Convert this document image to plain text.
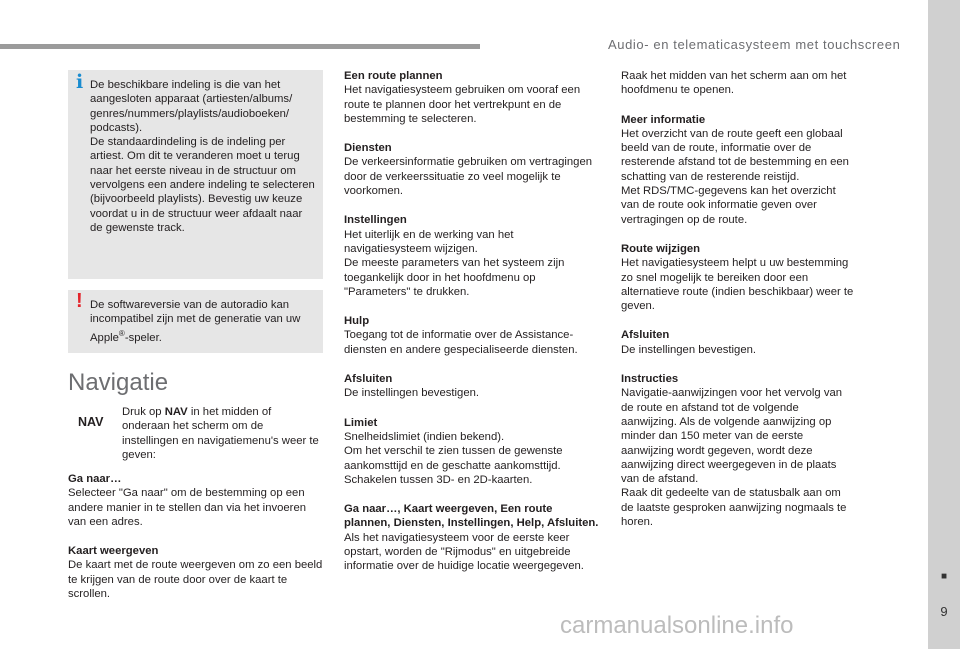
Audio- en telematicasysteem met touchscreen
■
9
carmanualsonline.info
i De beschikbare indeling is die van het aangesloten apparaat (artiesten/albums/ genres/nummers/playlists/audioboeken/ podcasts).
De standaardindeling is de indeling per artiest. Om dit te veranderen moet u terug naar het eerste niveau in de structuur om vervolgens een andere indeling te selecteren (bijvoorbeeld playlists). Bevestig uw keuze voordat u in de structuur weer afdaalt naar de gewenste track.
! De softwareversie van de autoradio kan incompatibel zijn met de generatie van uw Apple®-speler.
Navigatie
NAV
Druk op NAV in het midden of onderaan het scherm om de instellingen en navigatiemenu's weer te geven:
Ga naar…

Selecteer "Ga naar" om de bestemming op een andere manier in te stellen dan via het invoeren van een adres.

Kaart weergeven

De kaart met de route weergeven om zo een beeld te krijgen van de route door over de kaart te scrollen.

Een route plannen

Het navigatiesysteem gebruiken om vooraf een route te plannen door het vertrekpunt en de bestemming te selecteren.

Diensten

De verkeersinformatie gebruiken om vertragingen door de verkeerssituatie zo veel mogelijk te voorkomen.

Instellingen

Het uiterlijk en de werking van het navigatiesysteem wijzigen.

De meeste parameters van het systeem zijn toegankelijk door in het hoofdmenu op "Parameters" te drukken.

Hulp

Toegang tot de informatie over de Assistance-diensten en andere gespecialiseerde diensten.

Afsluiten

De instellingen bevestigen.

Limiet

Snelheidslimiet (indien bekend).

Om het verschil te zien tussen de gewenste aankomsttijd en de geschatte aankomsttijd.

Schakelen tussen 3D- en 2D-kaarten.

Ga naar…, Kaart weergeven, Een route plannen, Diensten, Instellingen, Help, Afsluiten.

Als het navigatiesysteem voor de eerste keer opstart, worden de "Rijmodus" en uitgebreide informatie over de huidige locatie weergegeven.

Raak het midden van het scherm aan om het hoofdmenu te openen.

Meer informatie

Het overzicht van de route geeft een globaal beeld van de route, informatie over de resterende afstand tot de bestemming en een schatting van de resterende reistijd.

Met RDS/TMC-gegevens kan het overzicht van de route ook informatie geven over vertragingen op de route.

Route wijzigen

Het navigatiesysteem helpt u uw bestemming zo snel mogelijk te bereiken door een alternatieve route (indien beschikbaar) weer te geven.

Afsluiten

De instellingen bevestigen.

Instructies

Navigatie-aanwijzingen voor het vervolg van de route en afstand tot de volgende aanwijzing. Als de volgende aanwijzing op minder dan 150 meter van de eerste aanwijzing wordt gegeven, wordt deze aanwijzing direct weergegeven in de plaats van de afstand.

Raak dit gedeelte van de statusbalk aan om de laatste gesproken aanwijzing nogmaals te horen.
